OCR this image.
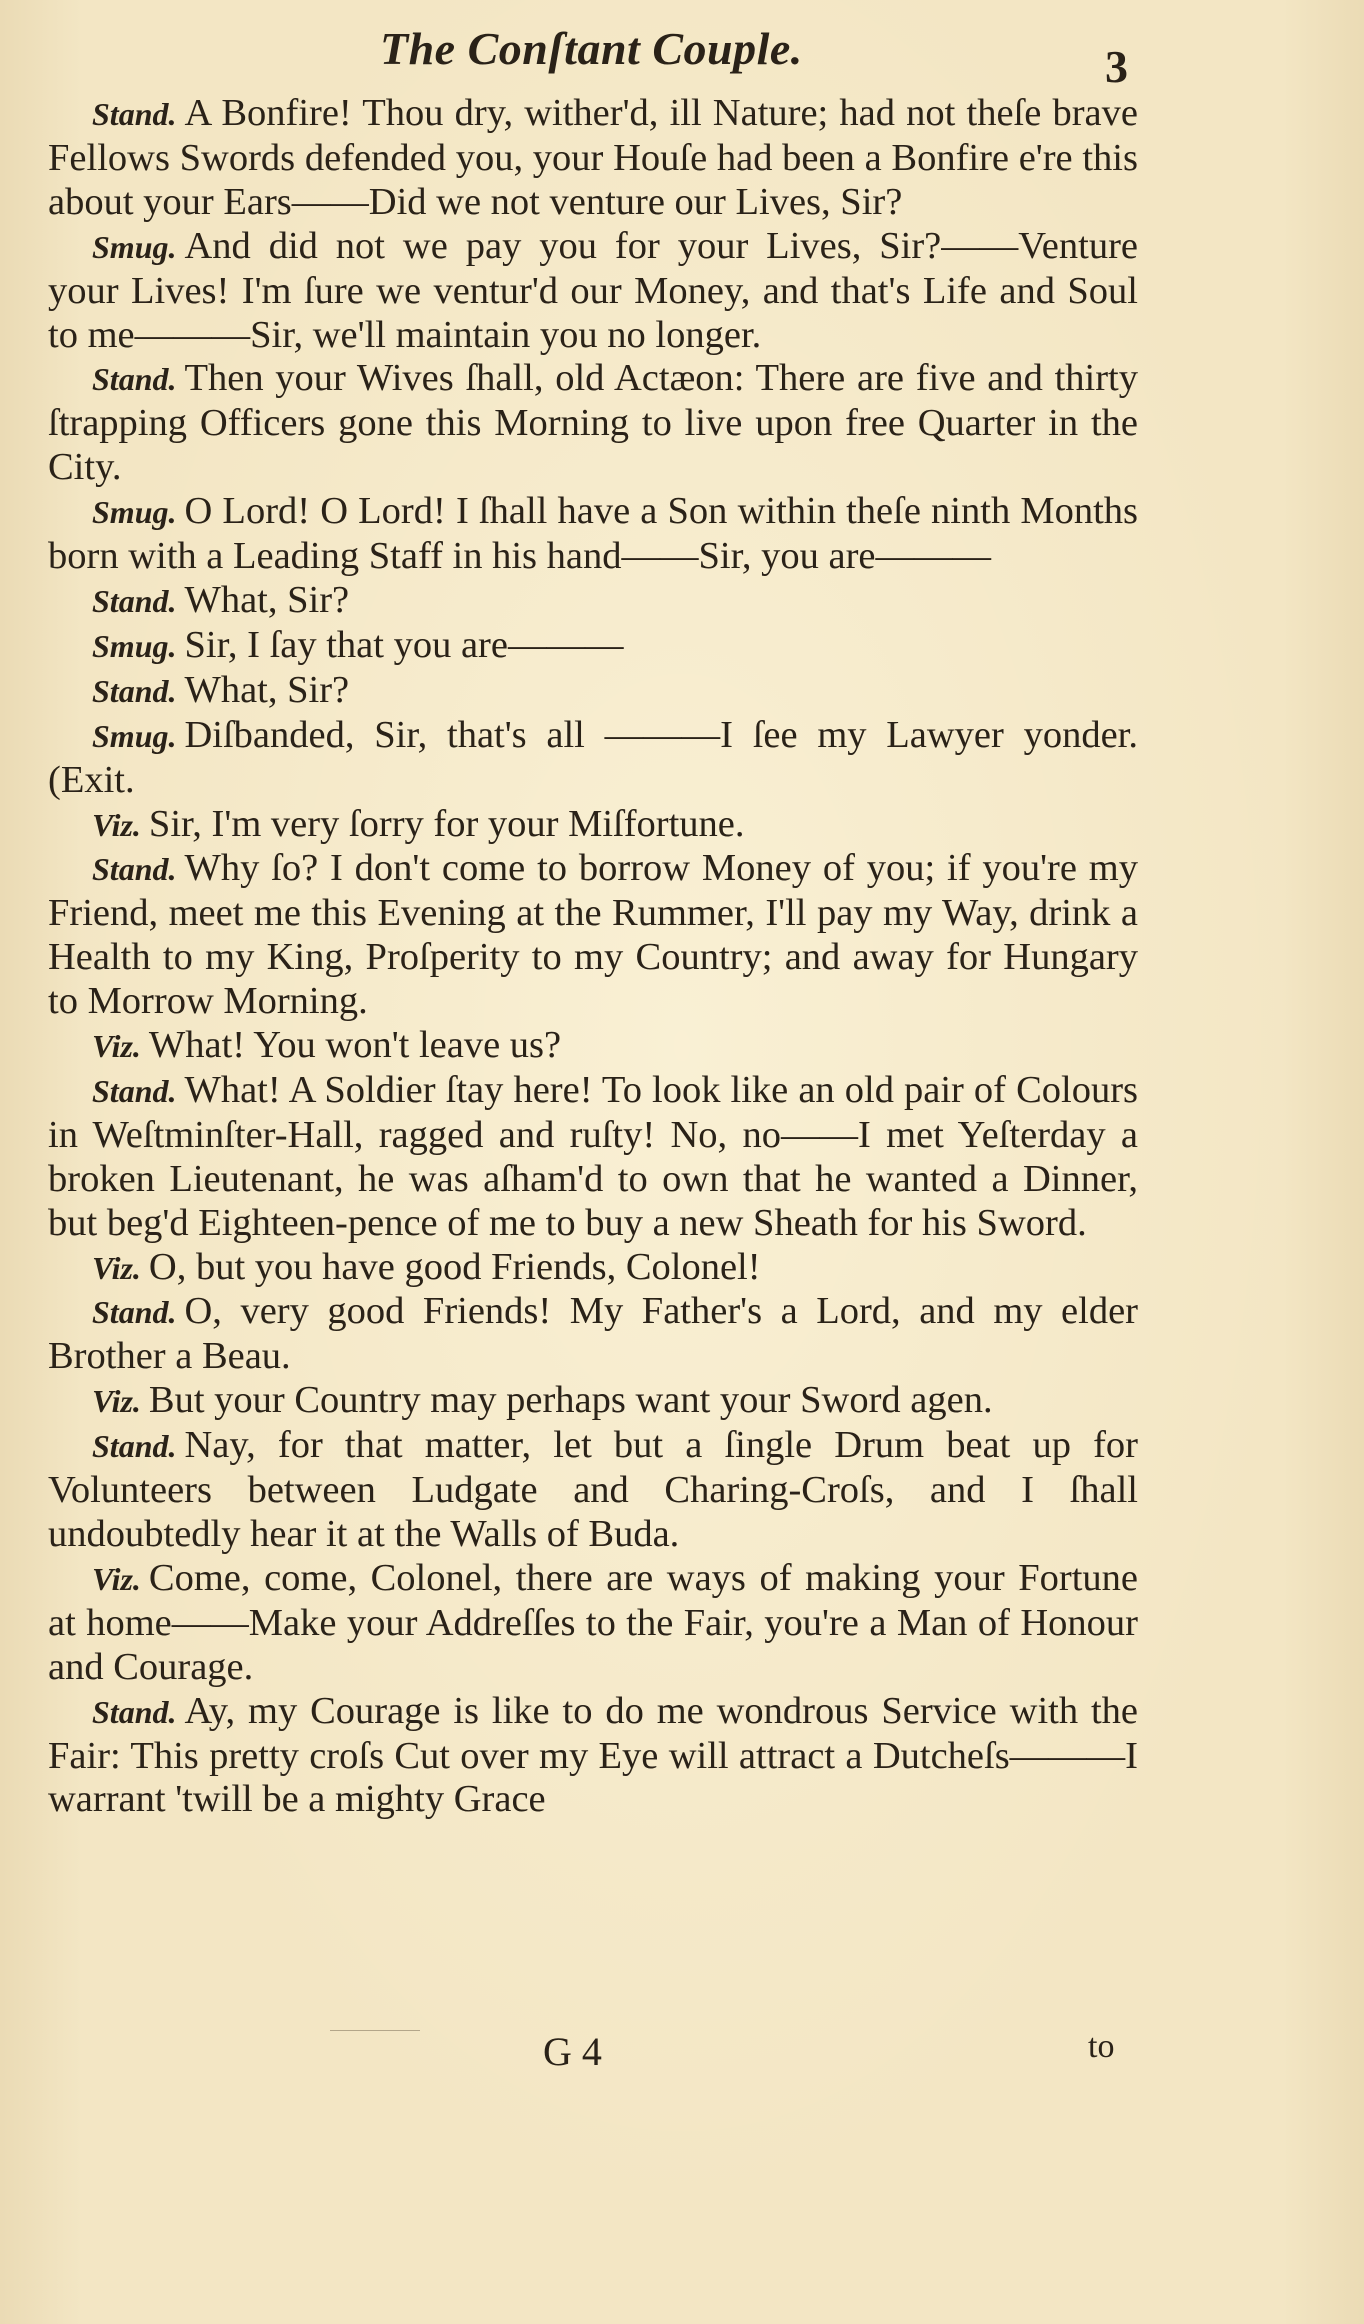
The Conſtant Couple.	3

Stand. A Bonfire! Thou dry, wither'd, ill Nature; had not theſe brave Fellows Swords defended you, your Houſe had been a Bonfire e're this about your Ears——Did we not venture our Lives, Sir?

Smug. And did not we pay you for your Lives, Sir?——Venture your Lives! I'm ſure we ventur'd our Money, and that's Life and Soul to me———Sir, we'll maintain you no longer.

Stand. Then your Wives ſhall, old Actæon: There are five and thirty ſtrapping Officers gone this Morning to live upon free Quarter in the City.

Smug. O Lord! O Lord! I ſhall have a Son within theſe ninth Months born with a Leading Staff in his hand——Sir, you are———

Stand. What, Sir?

Smug. Sir, I ſay that you are———

Stand. What, Sir?

Smug. Diſbanded, Sir, that's all ———I ſee my Lawyer yonder. (Exit.

Viz. Sir, I'm very ſorry for your Miſfortune.

Stand. Why ſo? I don't come to borrow Money of you; if you're my Friend, meet me this Evening at the Rummer, I'll pay my Way, drink a Health to my King, Proſperity to my Country; and away for Hungary to Morrow Morning.

Viz. What! You won't leave us?

Stand. What! A Soldier ſtay here! To look like an old pair of Colours in Weſtminſter-Hall, ragged and ruſty! No, no——I met Yeſterday a broken Lieutenant, he was aſham'd to own that he wanted a Dinner, but beg'd Eighteen-pence of me to buy a new Sheath for his Sword.

Viz. O, but you have good Friends, Colonel!

Stand. O, very good Friends! My Father's a Lord, and my elder Brother a Beau.

Viz. But your Country may perhaps want your Sword agen.

Stand. Nay, for that matter, let but a ſingle Drum beat up for Volunteers between Ludgate and Charing-Croſs, and I ſhall undoubtedly hear it at the Walls of Buda.

Viz. Come, come, Colonel, there are ways of making your Fortune at home——Make your Addreſſes to the Fair, you're a Man of Honour and Courage.

Stand. Ay, my Courage is like to do me wondrous Service with the Fair: This pretty croſs Cut over my Eye will attract a Dutcheſs———I warrant 'twill be a mighty Grace

G 4	to
